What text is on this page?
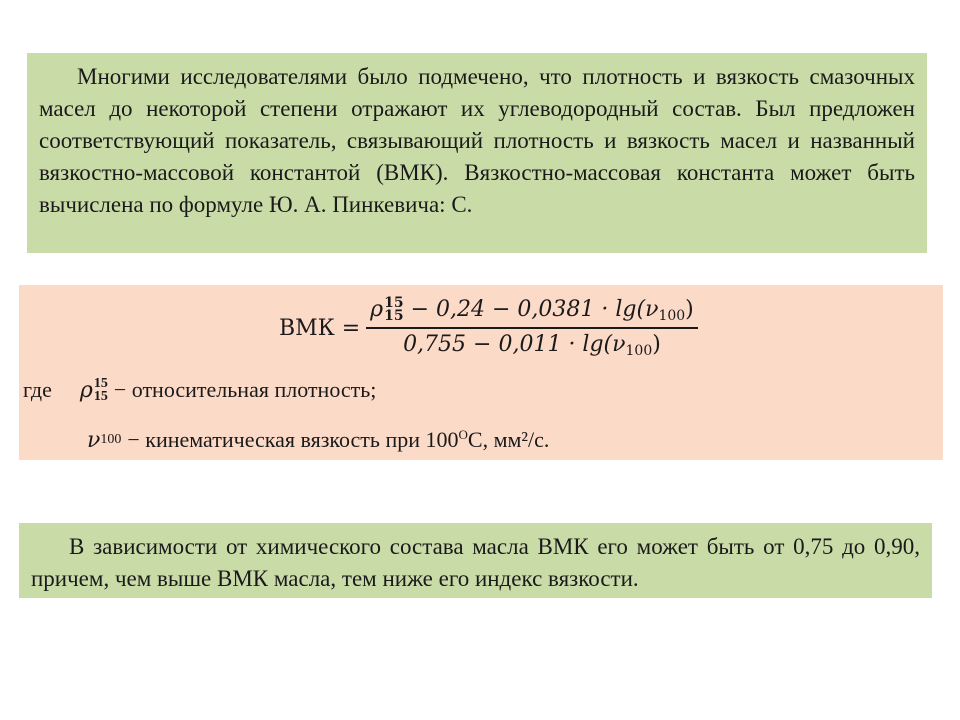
Многими исследователями было подмечено, что плотность и вязкость смазочных масел до некоторой степени отражают их углеводородный состав. Был предложен соответствующий показатель, связывающий плотность и вязкость масел и названный вязкостно-массовой константой (ВМК). Вязкостно-массовая константа может быть вычислена по формуле Ю. А. Пинкевича: С.

ВМК = ρ 15
$15 - 0,24 - 0,0381 \cdot \lg(\nu_{100})$
$0,755 - 0,011 \cdot \lg(\nu_{100})$
где ρ 15
15 − относительная плотность;
ν 100 − кинематическая вязкость при $100^ОС$, мм²/с.

В зависимости от химического состава масла ВМК его может быть от 0,75 до 0,90, причем, чем выше ВМК масла, тем ниже его индекс вязкости.
